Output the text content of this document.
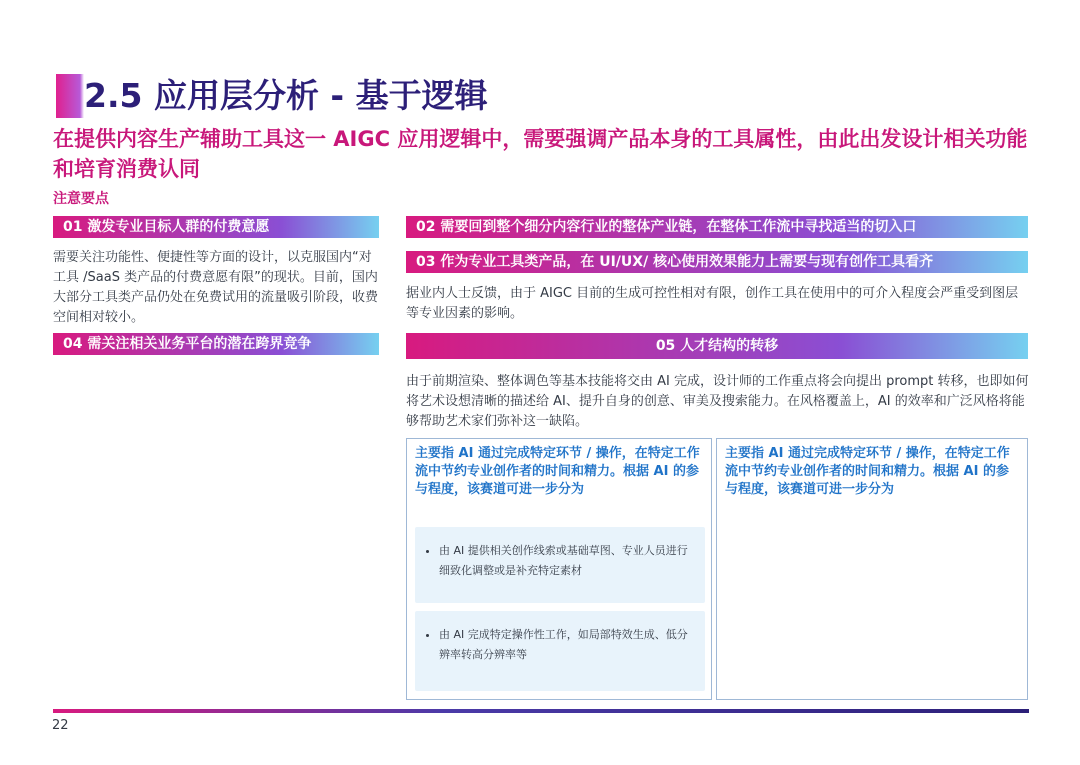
2.5 应用层分析 - 基于逻辑
在提供内容生产辅助工具这一 AIGC 应用逻辑中，需要强调产品本身的工具属性，由此出发设计相关功能和培育消费认同
注意要点
01 激发专业目标人群的付费意愿
需要关注功能性、便捷性等方面的设计，以克服国内“对工具 /SaaS 类产品的付费意愿有限”的现状。目前，国内大部分工具类产品仍处在免费试用的流量吸引阶段，收费空间相对较小。
04 需关注相关业务平台的潜在跨界竞争
02 需要回到整个细分内容行业的整体产业链，在整体工作流中寻找适当的切入口
03 作为专业工具类产品，在 UI/UX/ 核心使用效果能力上需要与现有创作工具看齐
据业内人士反馈，由于 AIGC 目前的生成可控性相对有限，创作工具在使用中的可介入程度会严重受到图层等专业因素的影响。
05 人才结构的转移
由于前期渲染、整体调色等基本技能将交由 AI 完成，设计师的工作重点将会向提出 prompt 转移，也即如何将艺术设想清晰的描述给 AI、提升自身的创意、审美及搜索能力。在风格覆盖上，AI 的效率和广泛风格将能够帮助艺术家们弥补这一缺陷。
主要指 AI 通过完成特定环节 / 操作，在特定工作流中节约专业创作者的时间和精力。根据 AI 的参与程度，该赛道可进一步分为
• 由 AI 提供相关创作线索或基础草图、专业人员进行细致化调整或是补充特定素材
• 由 AI 完成特定操作性工作，如局部特效生成、低分辨率转高分辨率等
主要指 AI 通过完成特定环节 / 操作，在特定工作流中节约专业创作者的时间和精力。根据 AI 的参与程度，该赛道可进一步分为
22
